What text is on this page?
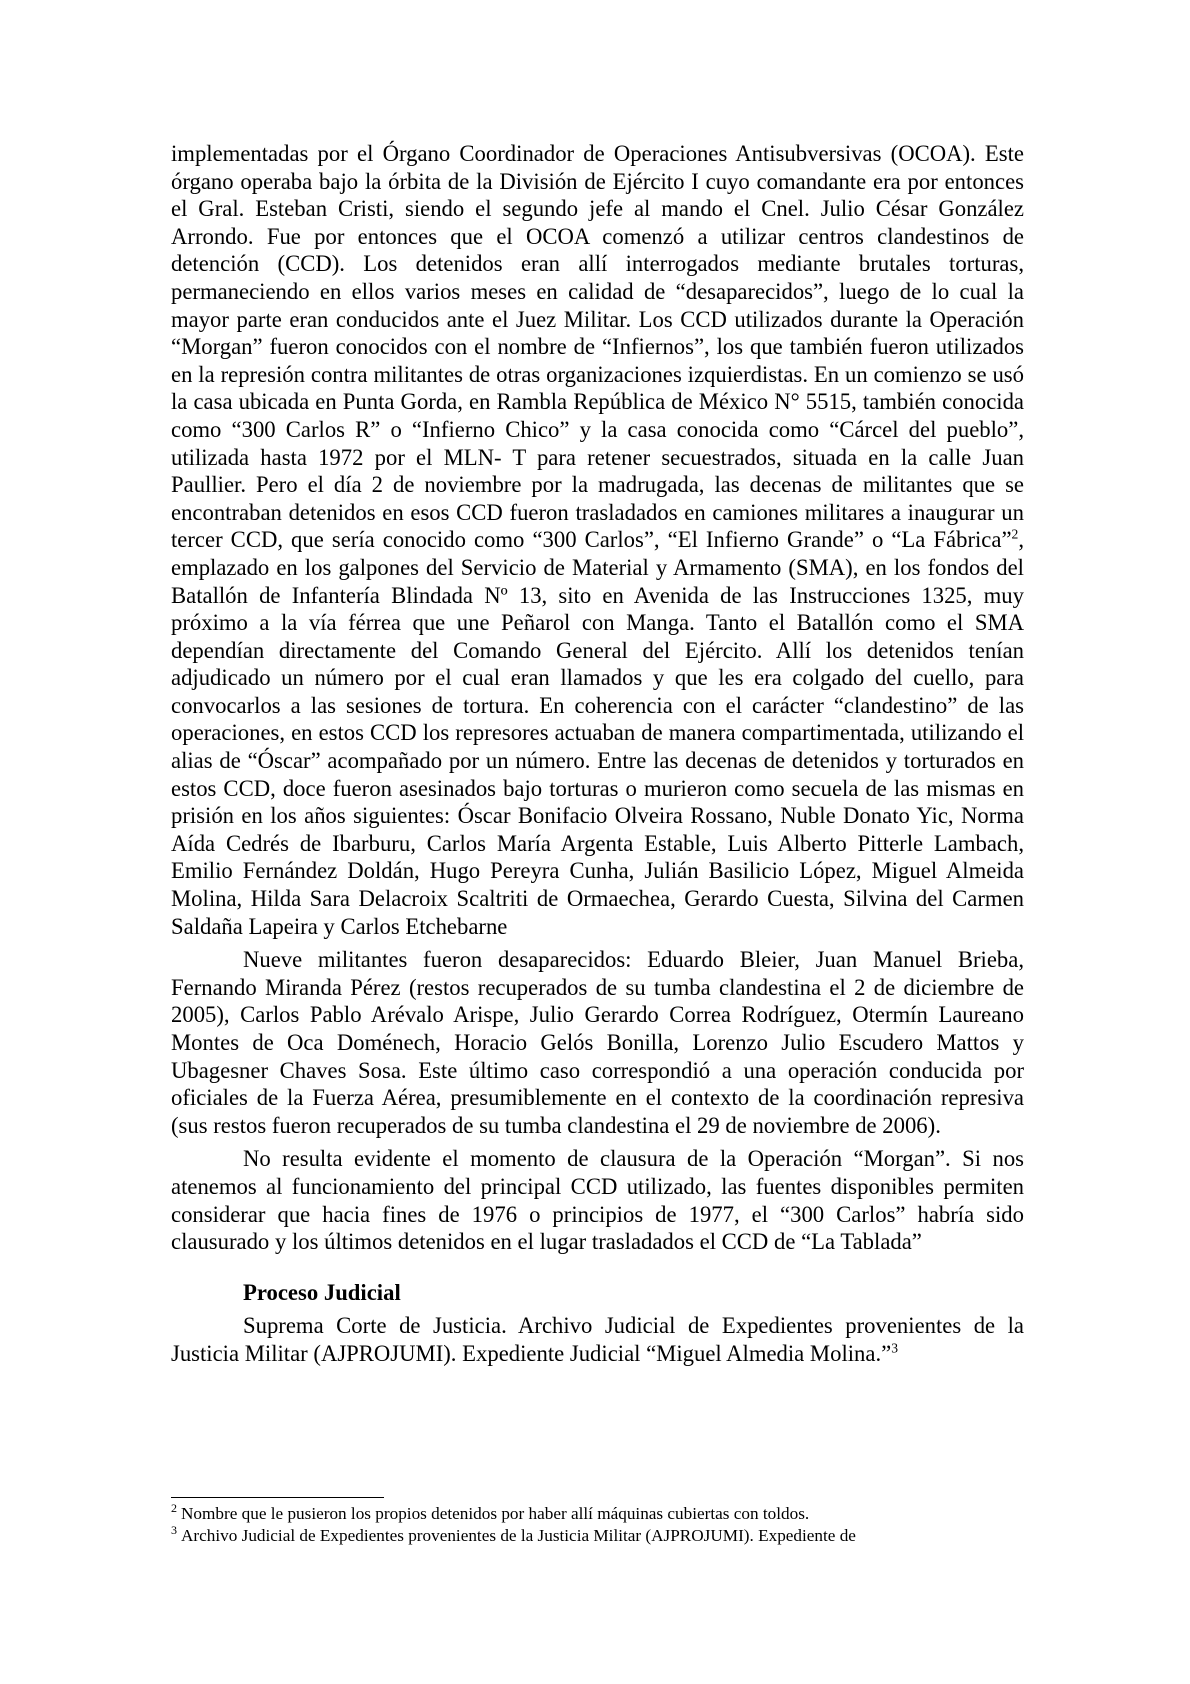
implementadas por el Órgano Coordinador de Operaciones Antisubversivas (OCOA). Este órgano operaba bajo la órbita de la División de Ejército I cuyo comandante era por entonces el Gral. Esteban Cristi, siendo el segundo jefe al mando el Cnel. Julio César González Arrondo. Fue por entonces que el OCOA comenzó a utilizar centros clandestinos de detención (CCD). Los detenidos eran allí interrogados mediante brutales torturas, permaneciendo en ellos varios meses en calidad de “desaparecidos”, luego de lo cual la mayor parte eran conducidos ante el Juez Militar. Los CCD utilizados durante la Operación “Morgan” fueron conocidos con el nombre de “Infiernos”, los que también fueron utilizados en la represión contra militantes de otras organizaciones izquierdistas. En un comienzo se usó la casa ubicada en Punta Gorda, en Rambla República de México N° 5515, también conocida como “300 Carlos R” o “Infierno Chico” y la casa conocida como “Cárcel del pueblo”, utilizada hasta 1972 por el MLN- T para retener secuestrados, situada en la calle Juan Paullier. Pero el día 2 de noviembre por la madrugada, las decenas de militantes que se encontraban detenidos en esos CCD fueron trasladados en camiones militares a inaugurar un tercer CCD, que sería conocido como “300 Carlos”, “El Infierno Grande” o “La Fábrica”$^2$, emplazado en los galpones del Servicio de Material y Armamento (SMA), en los fondos del Batallón de Infantería Blindada Nº 13, sito en Avenida de las Instrucciones 1325, muy próximo a la vía férrea que une Peñarol con Manga. Tanto el Batallón como el SMA dependían directamente del Comando General del Ejército. Allí los detenidos tenían adjudicado un número por el cual eran llamados y que les era colgado del cuello, para convocarlos a las sesiones de tortura. En coherencia con el carácter “clandestino” de las operaciones, en estos CCD los represores actuaban de manera compartimentada, utilizando el alias de “Óscar” acompañado por un número. Entre las decenas de detenidos y torturados en estos CCD, doce fueron asesinados bajo torturas o murieron como secuela de las mismas en prisión en los años siguientes: Óscar Bonifacio Olveira Rossano, Nuble Donato Yic, Norma Aída Cedrés de Ibarburu, Carlos María Argenta Estable, Luis Alberto Pitterle Lambach, Emilio Fernández Doldán, Hugo Pereyra Cunha, Julián Basilicio López, Miguel Almeida Molina, Hilda Sara Delacroix Scaltriti de Ormaechea, Gerardo Cuesta, Silvina del Carmen Saldaña Lapeira y Carlos Etchebarne

Nueve militantes fueron desaparecidos: Eduardo Bleier, Juan Manuel Brieba, Fernando Miranda Pérez (restos recuperados de su tumba clandestina el 2 de diciembre de 2005), Carlos Pablo Arévalo Arispe, Julio Gerardo Correa Rodríguez, Otermín Laureano Montes de Oca Doménech, Horacio Gelós Bonilla, Lorenzo Julio Escudero Mattos y Ubagesner Chaves Sosa. Este último caso correspondió a una operación conducida por oficiales de la Fuerza Aérea, presumiblemente en el contexto de la coordinación represiva (sus restos fueron recuperados de su tumba clandestina el 29 de noviembre de 2006).

No resulta evidente el momento de clausura de la Operación “Morgan”. Si nos atenemos al funcionamiento del principal CCD utilizado, las fuentes disponibles permiten considerar que hacia fines de 1976 o principios de 1977, el “300 Carlos” habría sido clausurado y los últimos detenidos en el lugar trasladados el CCD de “La Tablada”

Proceso Judicial

Suprema Corte de Justicia. Archivo Judicial de Expedientes provenientes de la Justicia Militar (AJPROJUMI). Expediente Judicial “Miguel Almedia Molina.”$^3$

$^2$ Nombre que le pusieron los propios detenidos por haber allí máquinas cubiertas con toldos.

$^3$ Archivo Judicial de Expedientes provenientes de la Justicia Militar (AJPROJUMI). Expediente de
